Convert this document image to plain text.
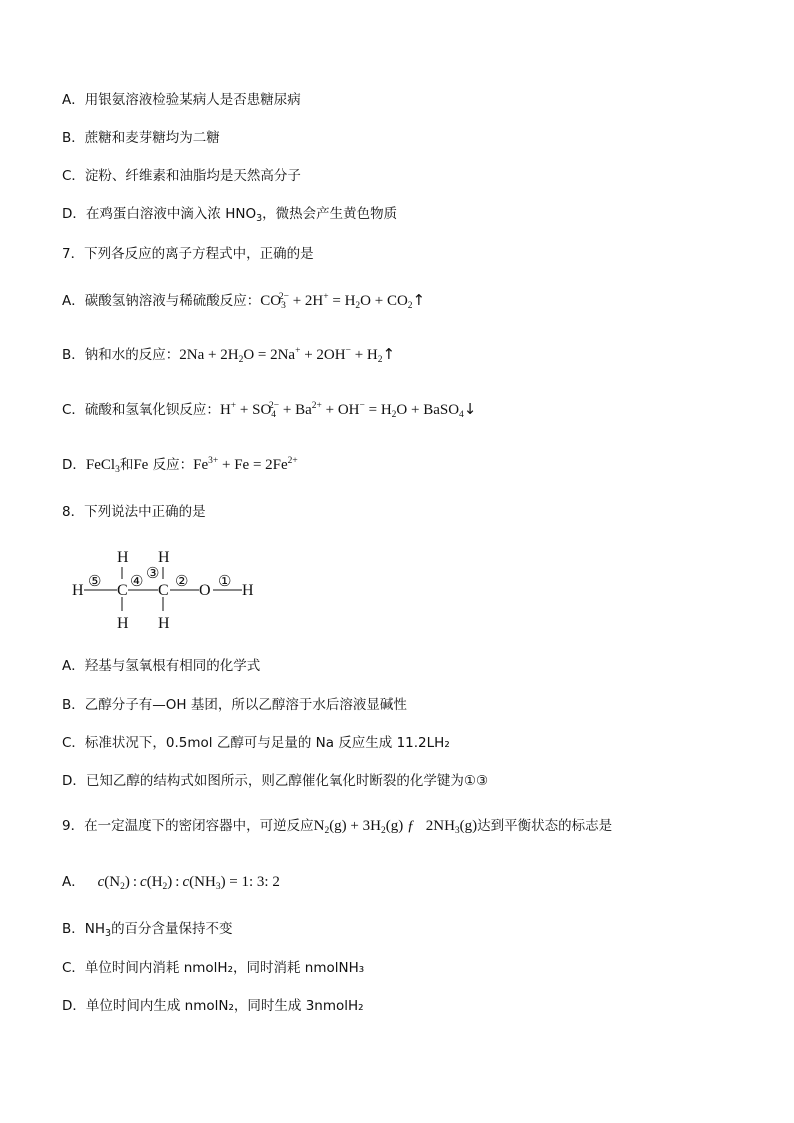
A．用银氨溶液检验某病人是否患糖尿病
B．蔗糖和麦芽糖均为二糖
C．淀粉、纤维素和油脂均是天然高分子
D．在鸡蛋白溶液中滴入浓 $HNO_3$，微热会产生黄色物质
7．下列各反应的离子方程式中，正确的是
A．碳酸氢钠溶液与稀硫酸反应：$CO_3^{2-} + 2H^+ = H_2O$ + $CO_2↑$
B．钠和水的反应：$2Na + 2H_2O = 2Na^+ + 2OH^-$ + $H_2↑$
C．硫酸和氢氧化钡反应：$H^+ + SO_4^{2-} + Ba^{2+} + OH^- = H_2O$ + BaSO$_4$↓
D．FeCl$_3$和Fe 反应：$Fe^{3+} + Fe = 2Fe^{2+}$
8．下列说法中正确的是
H C C O H
H H
H H
⑤ ④ ③ ② ①
A．羟基与氢氧根有相同的化学式
B．乙醇分子有—OH 基团，所以乙醇溶于水后溶液显碱性
C．标准状况下，0.5mol 乙醇可与足量的 Na 反应生成 11.2LH₂
D．已知乙醇的结构式如图所示，则乙醇催化氧化时断裂的化学键为①③
9．在一定温度下的密闭容器中，可逆反应$N_2(g) + 3H_2(g)$ ƒ   $2NH_3(g)$达到平衡状态的标志是
A． $c(N_2)$ : $c(H_2)$ : $c(NH_3) = 1$: 3: 2
B．$NH_3$的百分含量保持不变
C．单位时间内消耗 nmolH₂，同时消耗 nmolNH₃
D．单位时间内生成 nmolN₂，同时生成 3nmolH₂
